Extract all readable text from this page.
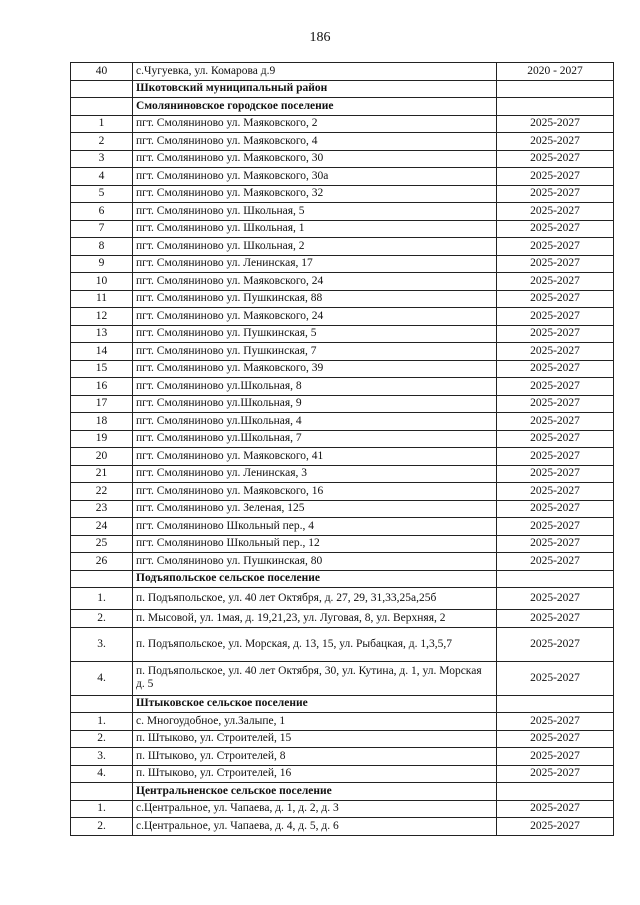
186
40	с.Чугуевка, ул. Комарова д.9	2020 - 2027
	Шкотовский муниципальный район	
	Смоляниновское городское поселение	
1	пгт. Смоляниново ул. Маяковского, 2	2025-2027
2	пгт. Смоляниново ул. Маяковского, 4	2025-2027
3	пгт. Смоляниново ул. Маяковского, 30	2025-2027
4	пгт. Смоляниново ул. Маяковского, 30а	2025-2027
5	пгт. Смоляниново ул. Маяковского, 32	2025-2027
6	пгт. Смоляниново ул. Школьная, 5	2025-2027
7	пгт. Смоляниново ул. Школьная, 1	2025-2027
8	пгт. Смоляниново ул. Школьная, 2	2025-2027
9	пгт. Смоляниново ул. Ленинская, 17	2025-2027
10	пгт. Смоляниново ул. Маяковского, 24	2025-2027
11	пгт. Смоляниново ул. Пушкинская, 88	2025-2027
12	пгт. Смоляниново ул. Маяковского, 24	2025-2027
13	пгт. Смоляниново ул. Пушкинская, 5	2025-2027
14	пгт. Смоляниново ул. Пушкинская, 7	2025-2027
15	пгт. Смоляниново ул. Маяковского, 39	2025-2027
16	пгт. Смоляниново ул.Школьная, 8	2025-2027
17	пгт. Смоляниново ул.Школьная, 9	2025-2027
18	пгт. Смоляниново ул.Школьная, 4	2025-2027
19	пгт. Смоляниново ул.Школьная, 7	2025-2027
20	пгт. Смоляниново ул. Маяковского, 41	2025-2027
21	пгт. Смоляниново ул. Ленинская, 3	2025-2027
22	пгт. Смоляниново ул. Маяковского, 16	2025-2027
23	пгт. Смоляниново ул. Зеленая, 125	2025-2027
24	пгт. Смоляниново Школьный пер., 4	2025-2027
25	пгт. Смоляниново Школьный пер., 12	2025-2027
26	пгт. Смоляниново ул. Пушкинская, 80	2025-2027
	Подъяпольское сельское поселение	
1.	п. Подъяпольское, ул. 40 лет Октября, д. 27, 29, 31,33,25а,25б	2025-2027
2.	п. Мысовой, ул. 1мая, д. 19,21,23, ул. Луговая, 8, ул. Верхняя, 2	2025-2027
3.	п. Подъяпольское, ул. Морская, д. 13, 15, ул. Рыбацкая, д. 1,3,5,7	2025-2027
4.	п. Подъяпольское, ул. 40 лет Октября, 30, ул. Кутина, д. 1, ул. Морская д. 5	2025-2027
	Штыковское сельское поселение	
1.	с. Многоудобное, ул.Залыпе, 1	2025-2027
2.	п. Штыково, ул. Строителей, 15	2025-2027
3.	п. Штыково, ул. Строителей, 8	2025-2027
4.	п. Штыково, ул. Строителей, 16	2025-2027
	Центральненское сельское поселение	
1.	с.Центральное, ул. Чапаева, д. 1, д. 2, д. 3	2025-2027
2.	с.Центральное, ул. Чапаева, д. 4, д. 5, д. 6	2025-2027
